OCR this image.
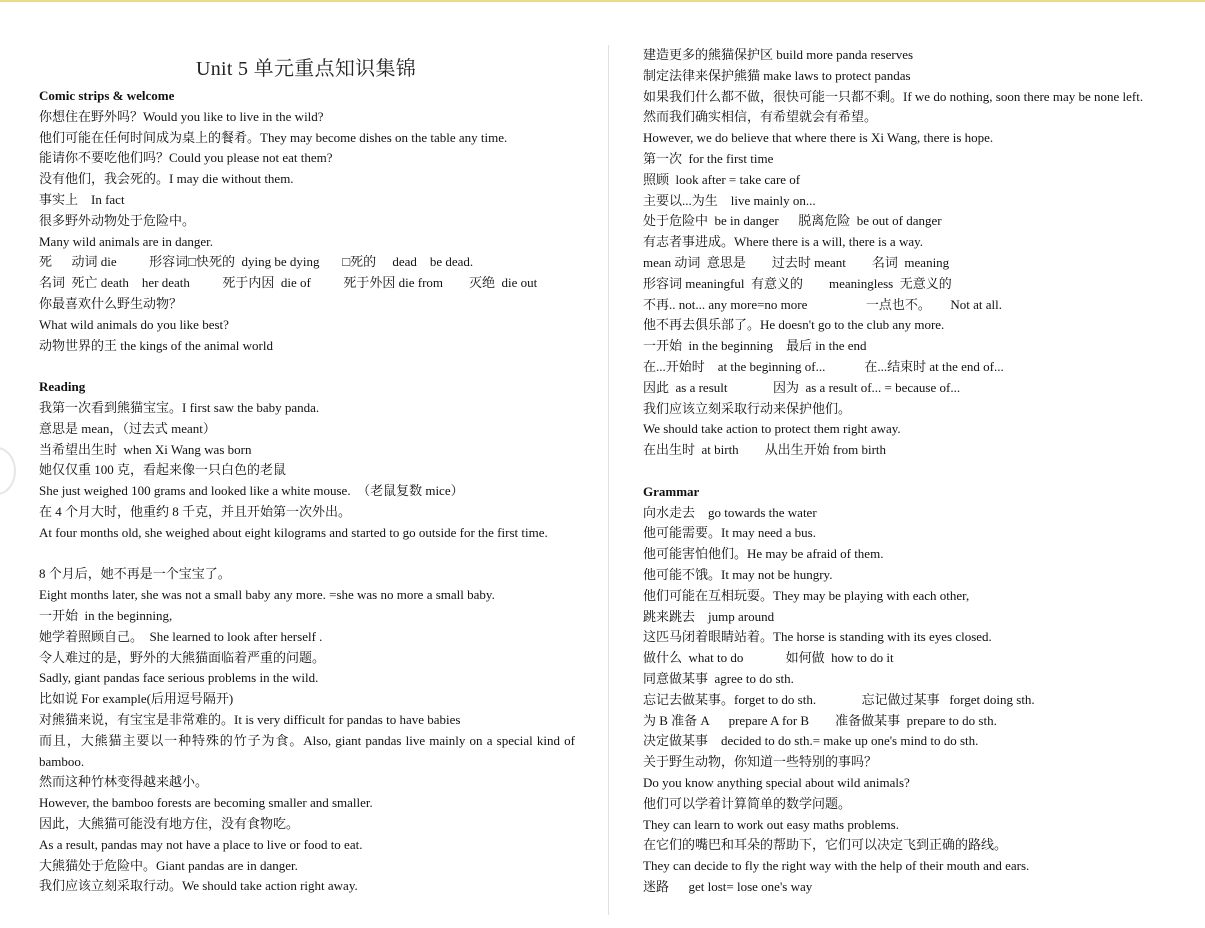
Unit 5 单元重点知识集锦
Comic strips & welcome
你想住在野外吗？Would you like to live in the wild?
他们可能在任何时间成为桌上的餐肴。They may become dishes on the table any time.
能请你不要吃他们吗？Could you please not eat them?
没有他们，我会死的。I may die without them.
事实上    In fact
很多野外动物处于危险中。
Many wild animals are in danger.
死      动词 die          形容词□快死的  dying be dying       □死的     dead    be dead.
名词  死亡 death    her death          死于内因  die of          死于外因 die from        灭绝  die out
你最喜欢什么野生动物？
What wild animals do you like best?
动物世界的王 the kings of the animal world
Reading
我第一次看到熊猫宝宝。I first saw the baby panda.
意思是 mean，（过去式 meant）
当希望出生时  when Xi Wang was born
她仅仅重 100 克，看起来像一只白色的老鼠
She just weighed 100 grams and looked like a white mouse.  （老鼠复数 mice）
在 4 个月大时，他重约 8 千克，并且开始第一次外出。
At four months old, she weighed about eight kilograms and started to go outside for the first time.
8 个月后，她不再是一个宝宝了。
Eight months later, she was not a small baby any more. =she was no more a small baby.
一开始  in the beginning,
她学着照顾自己。  She learned to look after herself .
令人难过的是，野外的大熊猫面临着严重的问题。
Sadly, giant pandas face serious problems in the wild.
比如说 For example(后用逗号隔开)
对熊猫来说，有宝宝是非常难的。It is very difficult for pandas to have babies
而且，大熊猫主要以一种特殊的竹子为食。Also, giant pandas live mainly on a special kind of bamboo.
然而这种竹林变得越来越小。
However, the bamboo forests are becoming smaller and smaller.
因此，大熊猫可能没有地方住，没有食物吃。
As a result, pandas may not have a place to live or food to eat.
大熊猫处于危险中。Giant pandas are in danger.
我们应该立刻采取行动。We should take action right away.
建造更多的熊猫保护区 build more panda reserves
制定法律来保护熊猫 make laws to protect pandas
如果我们什么都不做，很快可能一只都不剩。If we do nothing, soon there may be none left.
然而我们确实相信，有希望就会有希望。
However, we do believe that where there is Xi Wang, there is hope.
第一次  for the first time
照顾  look after = take care of
主要以...为生    live mainly on...
处于危险中  be in danger      脱离危险  be out of danger
有志者事进成。Where there is a will, there is a way.
mean 动词  意思是        过去时 meant        名词  meaning
形容词 meaningful  有意义的        meaningless  无意义的
不再.. not... any more=no more                  一点也不。      Not at all.
他不再去俱乐部了。He doesn't go to the club any more.
一开始  in the beginning    最后 in the end
在...开始时    at the beginning of...            在...结束时 at the end of...
因此  as a result              因为  as a result of... = because of...
我们应该立刻采取行动来保护他们。
We should take action to protect them right away.
在出生时  at birth        从出生开始 from birth
Grammar
向水走去    go towards the water
他可能需要。It may need a bus.
他可能害怕他们。He may be afraid of them.
他可能不饿。It may not be hungry.
他们可能在互相玩耍。They may be playing with each other,
跳来跳去    jump around
这匹马闭着眼睛站着。The horse is standing with its eyes closed.
做什么  what to do             如何做  how to do it
同意做某事  agree to do sth.
忘记去做某事。forget to do sth.              忘记做过某事   forget doing sth.
为 B 准备 A      prepare A for B        准备做某事  prepare to do sth.
决定做某事    decided to do sth.= make up one's mind to do sth.
关于野生动物，你知道一些特别的事吗？
Do you know anything special about wild animals?
他们可以学着计算简单的数学问题。
They can learn to work out easy maths problems.
在它们的嘴巴和耳朵的帮助下，它们可以决定飞到正确的路线。
They can decide to fly the right way with the help of their mouth and ears.
迷路      get lost= lose one's way
